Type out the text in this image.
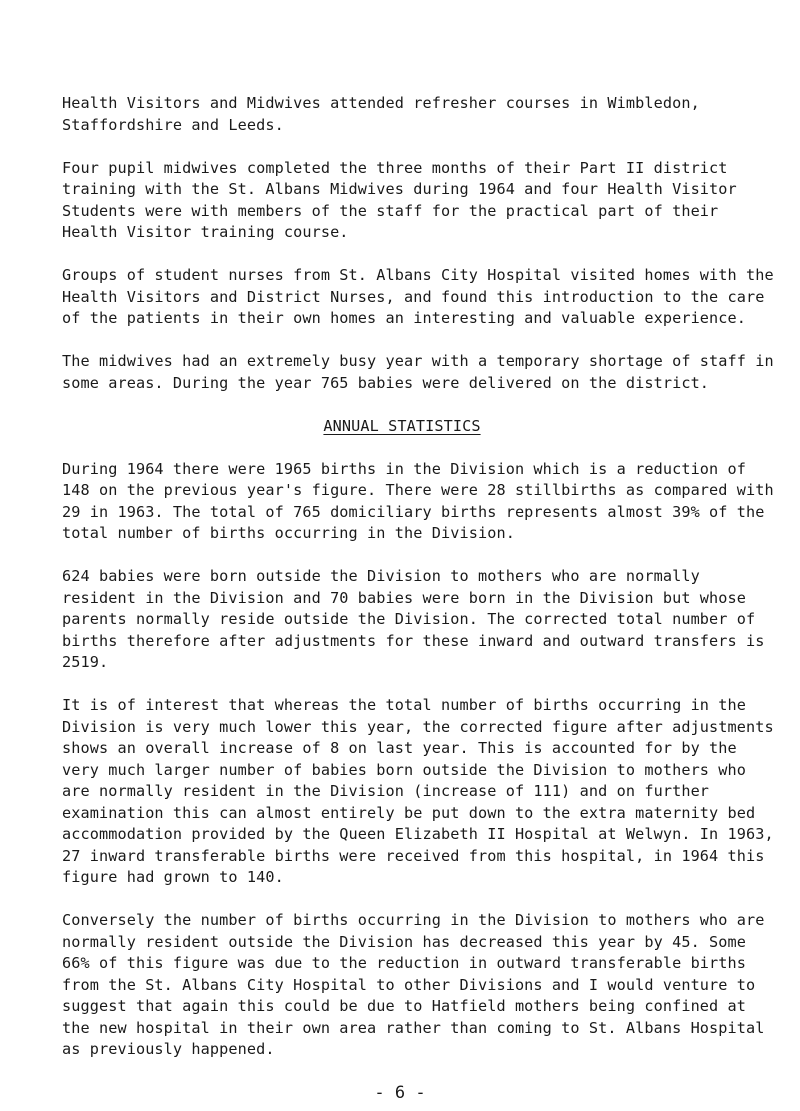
Health Visitors and Midwives attended refresher courses in Wimbledon, Staffordshire and Leeds.

Four pupil midwives completed the three months of their Part II district training with the St. Albans Midwives during 1964 and four Health Visitor Students were with members of the staff for the practical part of their Health Visitor training course.

Groups of student nurses from St. Albans City Hospital visited homes with the Health Visitors and District Nurses, and found this introduction to the care of the patients in their own homes an interesting and valuable experience.

The midwives had an extremely busy year with a temporary shortage of staff in some areas. During the year 765 babies were delivered on the district.

ANNUAL STATISTICS

During 1964 there were 1965 births in the Division which is a reduction of 148 on the previous year's figure. There were 28 stillbirths as compared with 29 in 1963. The total of 765 domiciliary births represents almost 39% of the total number of births occurring in the Division.

624 babies were born outside the Division to mothers who are normally resident in the Division and 70 babies were born in the Division but whose parents normally reside outside the Division. The corrected total number of births therefore after adjustments for these inward and outward transfers is 2519.

It is of interest that whereas the total number of births occurring in the Division is very much lower this year, the corrected figure after adjustments shows an overall increase of 8 on last year. This is accounted for by the very much larger number of babies born outside the Division to mothers who are normally resident in the Division (increase of 111) and on further examination this can almost entirely be put down to the extra maternity bed accommodation provided by the Queen Elizabeth II Hospital at Welwyn. In 1963, 27 inward transferable births were received from this hospital, in 1964 this figure had grown to 140.

Conversely the number of births occurring in the Division to mothers who are normally resident outside the Division has decreased this year by 45. Some 66% of this figure was due to the reduction in outward transferable births from the St. Albans City Hospital to other Divisions and I would venture to suggest that again this could be due to Hatfield mothers being confined at the new hospital in their own area rather than coming to St. Albans Hospital as previously happened.

- 6 -
